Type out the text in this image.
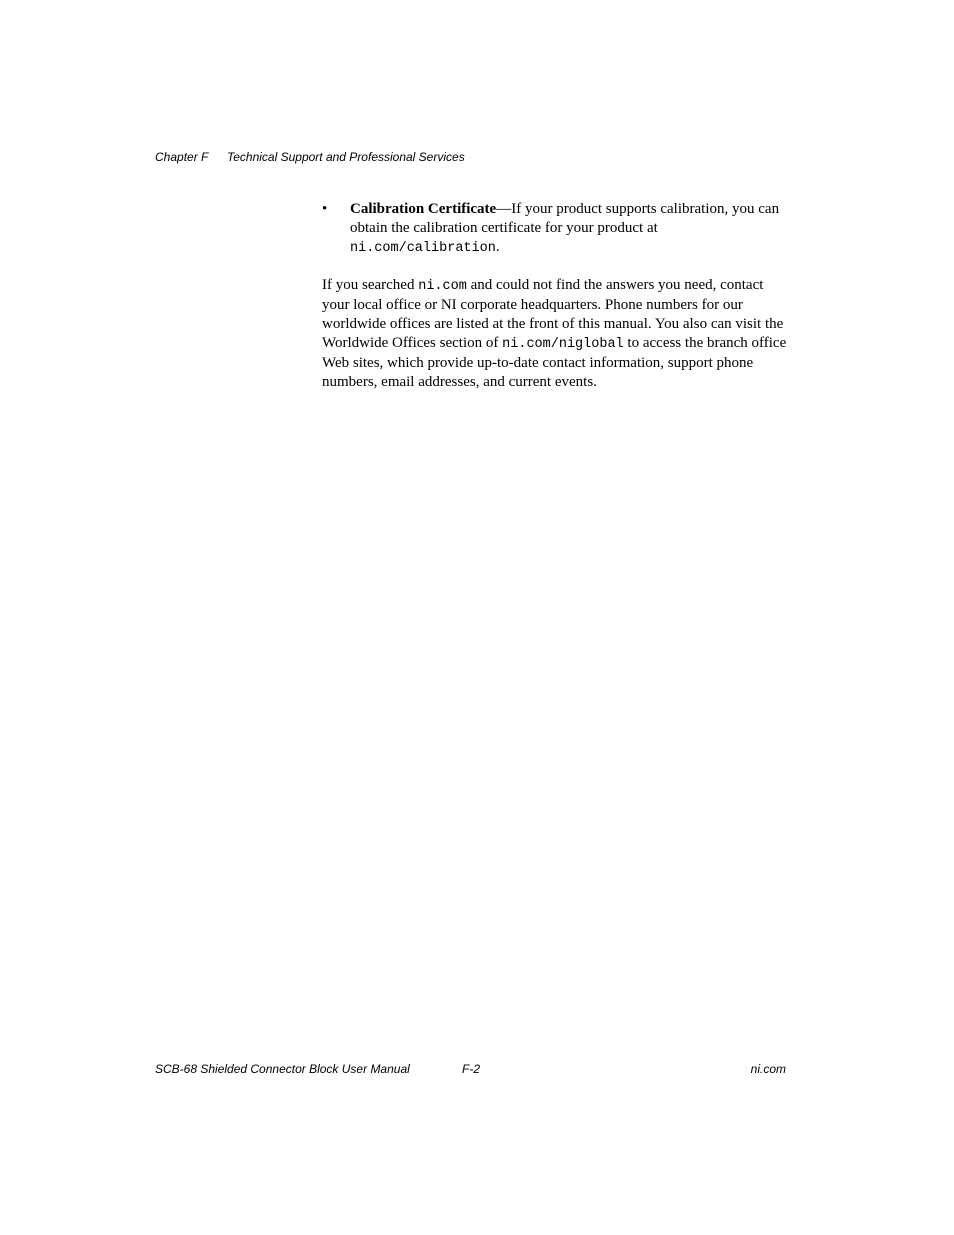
Chapter F Technical Support and Professional Services
• Calibration Certificate—If your product supports calibration, you can obtain the calibration certificate for your product at
ni.com/calibration.

If you searched ni.com and could not find the answers you need, contact your local office or NI corporate headquarters. Phone numbers for our worldwide offices are listed at the front of this manual. You also can visit the Worldwide Offices section of ni.com/niglobal to access the branch office Web sites, which provide up-to-date contact information, support phone numbers, email addresses, and current events.

SCB-68 Shielded Connector Block User Manual	F-2	ni.com
